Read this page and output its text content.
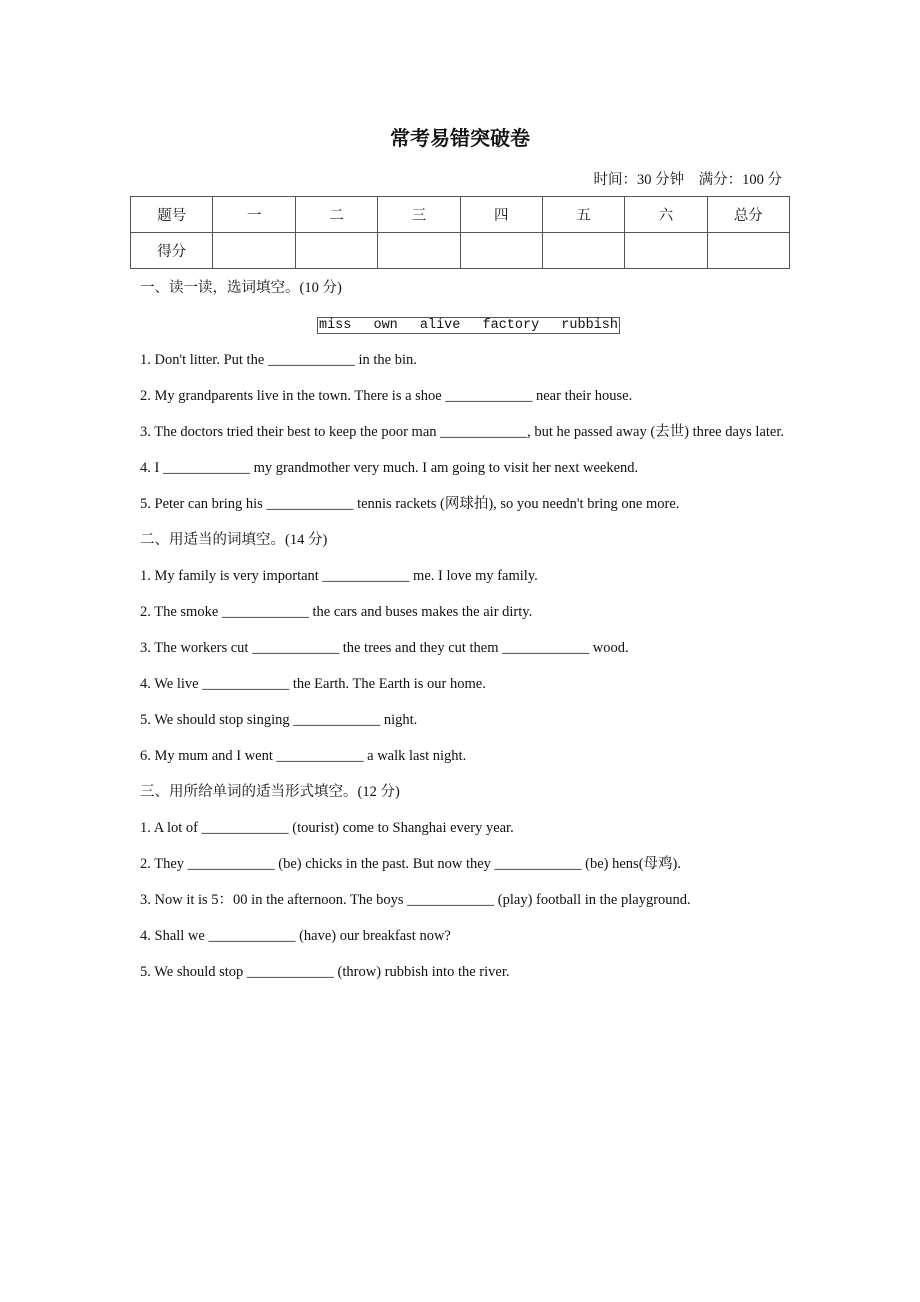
常考易错突破卷
时间：30 分钟　满分：100 分
题号	一	二	三	四	五	六	总分
得分							

一、读一读，选词填空。(10 分)

miss own alive factory rubbish
1. Don't litter. Put the ____________ in the bin.
2. My grandparents live in the town. There is a shoe ____________ near their house.
3. The doctors tried their best to keep the poor man ____________, but he passed away (去世) three days later.
4. I ____________ my grandmother very much. I am going to visit her next weekend.
5. Peter can bring his ____________ tennis rackets (网球拍), so you needn't bring one more.

二、用适当的词填空。(14 分)

1. My family is very important ____________ me. I love my family.
2. The smoke ____________ the cars and buses makes the air dirty.
3. The workers cut ____________ the trees and they cut them ____________ wood.
4. We live ____________ the Earth. The Earth is our home.
5. We should stop singing ____________ night.
6. My mum and I went ____________ a walk last night.

三、用所给单词的适当形式填空。(12 分)

1. A lot of ____________ (tourist) come to Shanghai every year.
2. They ____________ (be) chicks in the past. But now they ____________ (be) hens(母鸡).
3. Now it is 5：00 in the afternoon. The boys ____________ (play) football in the playground.
4. Shall we ____________ (have) our breakfast now?
5. We should stop ____________ (throw) rubbish into the river.
